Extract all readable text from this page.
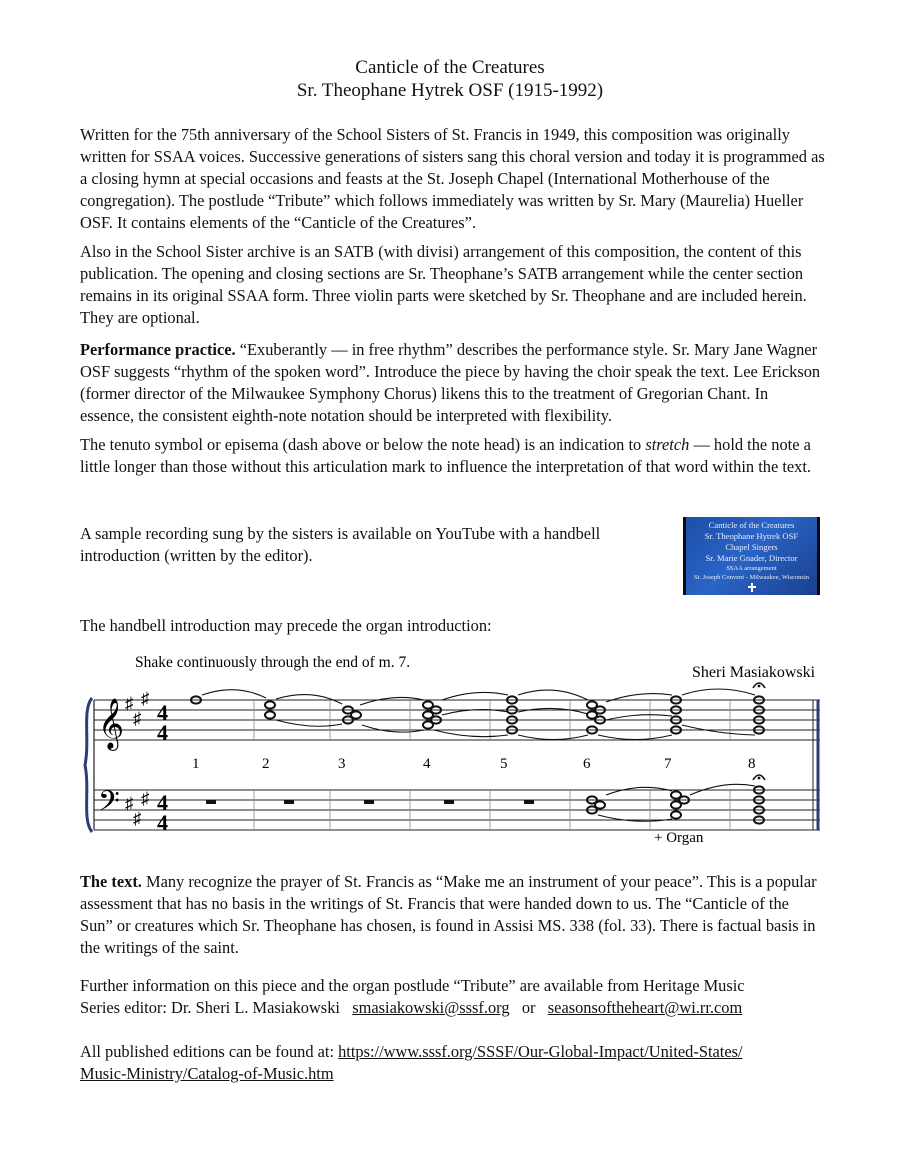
Canticle of the Creatures
Sr. Theophane Hytrek OSF (1915-1992)

Written for the 75th anniversary of the School Sisters of St. Francis in 1949, this composition was originally written for SSAA voices. Successive generations of sisters sang this choral version and today it is programmed as a closing hymn at special occasions and feasts at the St. Joseph Chapel (International Motherhouse of the congregation). The postlude “Tribute” which follows immediately was written by Sr. Mary (Maurelia) Hueller OSF. It contains elements of the “Canticle of the Creatures”.

Also in the School Sister archive is an SATB (with divisi) arrangement of this composition, the content of this publication. The opening and closing sections are Sr. Theophane’s SATB arrangement while the center section remains in its original SSAA form. Three violin parts were sketched by Sr. Theophane and are included herein. They are optional.

Performance practice. “Exuberantly — in free rhythm” describes the performance style. Sr. Mary Jane Wagner OSF suggests “rhythm of the spoken word”. Introduce the piece by having the choir speak the text. Lee Erickson (former director of the Milwaukee Symphony Chorus) likens this to the treatment of Gregorian Chant. In essence, the consistent eighth-note notation should be interpreted with flexibility.

The tenuto symbol or episema (dash above or below the note head) is an indication to stretch — hold the note a little longer than those without this articulation mark to influence the interpretation of that word within the text.

A sample recording sung by the sisters is available on YouTube with a handbell introduction (written by the editor).

Canticle of the Creatures
Sr. Theophane Hytrek OSF
Chapel Singers
Sr. Marie Gnader, Director
SSAA arrangement
St. Joseph Convent - Milwaukee, Wisconsin

The handbell introduction may precede the organ introduction:

Shake continuously through the end of m. 7.
Sheri Masiakowski
𝄞
𝄢
♯
♯
♯
♯
♯
♯
4
4
4
4
1	2	3	4	5	6	7	8
+ Organ

The text. Many recognize the prayer of St. Francis as “Make me an instrument of your peace”. This is a popular assessment that has no basis in the writings of St. Francis that were handed down to us. The “Canticle of the Sun” or creatures which Sr. Theophane has chosen, is found in Assisi MS. 338 (fol. 33). There is factual basis in the writings of the saint.

Further information on this piece and the organ postlude “Tribute” are available from Heritage Music
Series editor: Dr. Sheri L. Masiakowski smasiakowski@sssf.org or seasonsoftheheart@wi.rr.com

All published editions can be found at: https://www.sssf.org/SSSF/Our-Global-Impact/United-States/
Music-Ministry/Catalog-of-Music.htm
